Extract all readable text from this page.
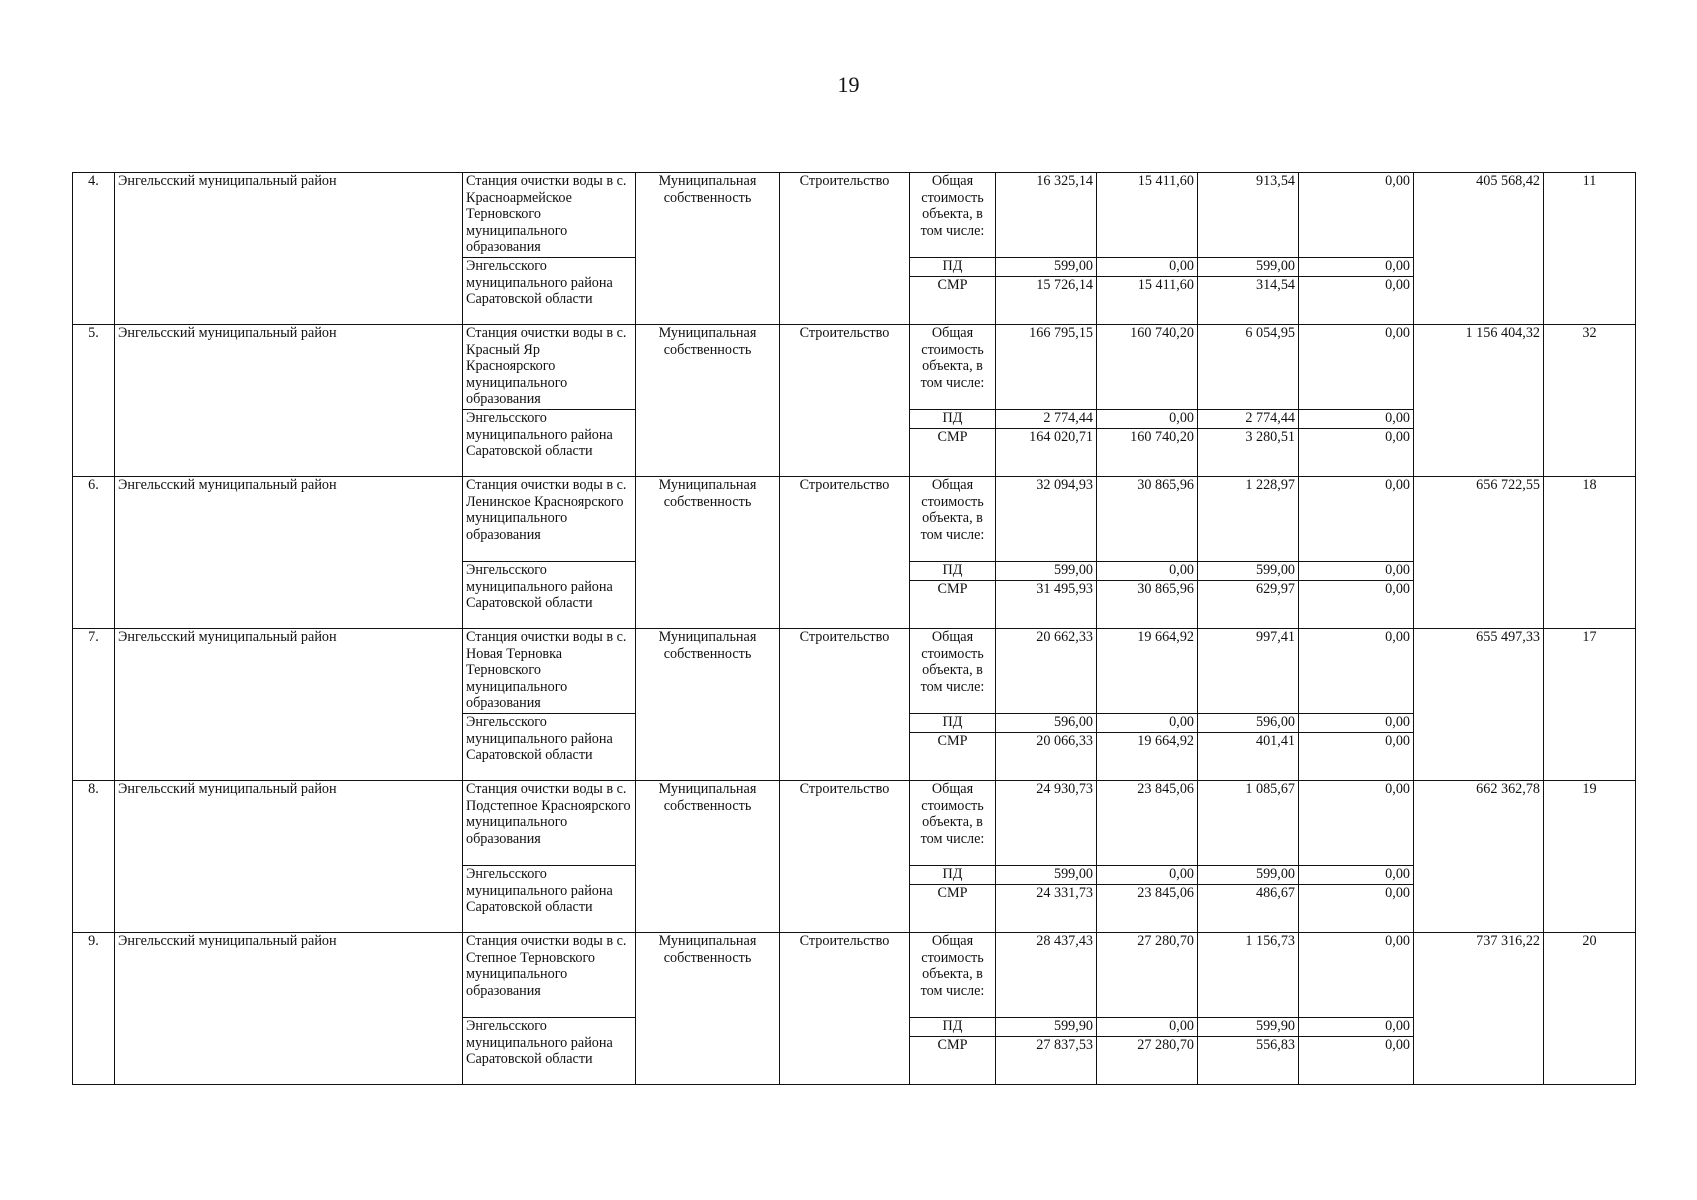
19
4.	Энгельсский муниципальный район	Станция очистки воды в с. Красноармейское Терновского муниципального образования	Муниципальная собственность	Строительство	Общая стоимость объекта, в том числе:	16 325,14	15 411,60	913,54	0,00	405 568,42	11
		Энгельсского муниципального района Саратовской области			ПД	599,00	0,00	599,00	0,00		
					СМР	15 726,14	15 411,60	314,54	0,00		
5.	Энгельсский муниципальный район	Станция очистки воды в с. Красный Яр Красноярского муниципального образования	Муниципальная собственность	Строительство	Общая стоимость объекта, в том числе:	166 795,15	160 740,20	6 054,95	0,00	1 156 404,32	32
		Энгельсского муниципального района Саратовской области			ПД	2 774,44	0,00	2 774,44	0,00		
					СМР	164 020,71	160 740,20	3 280,51	0,00		
6.	Энгельсский муниципальный район	Станция очистки воды в с. Ленинское Красноярского муниципального образования	Муниципальная собственность	Строительство	Общая стоимость объекта, в том числе:	32 094,93	30 865,96	1 228,97	0,00	656 722,55	18
		Энгельсского муниципального района Саратовской области			ПД	599,00	0,00	599,00	0,00		
					СМР	31 495,93	30 865,96	629,97	0,00		
7.	Энгельсский муниципальный район	Станция очистки воды в с. Новая Терновка Терновского муниципального образования	Муниципальная собственность	Строительство	Общая стоимость объекта, в том числе:	20 662,33	19 664,92	997,41	0,00	655 497,33	17
		Энгельсского муниципального района Саратовской области			ПД	596,00	0,00	596,00	0,00		
					СМР	20 066,33	19 664,92	401,41	0,00		
8.	Энгельсский муниципальный район	Станция очистки воды в с. Подстепное Красноярского муниципального образования	Муниципальная собственность	Строительство	Общая стоимость объекта, в том числе:	24 930,73	23 845,06	1 085,67	0,00	662 362,78	19
		Энгельсского муниципального района Саратовской области			ПД	599,00	0,00	599,00	0,00		
					СМР	24 331,73	23 845,06	486,67	0,00		
9.	Энгельсский муниципальный район	Станция очистки воды в с. Степное Терновского муниципального образования	Муниципальная собственность	Строительство	Общая стоимость объекта, в том числе:	28 437,43	27 280,70	1 156,73	0,00	737 316,22	20
		Энгельсского муниципального района Саратовской области			ПД	599,90	0,00	599,90	0,00		
					СМР	27 837,53	27 280,70	556,83	0,00		
